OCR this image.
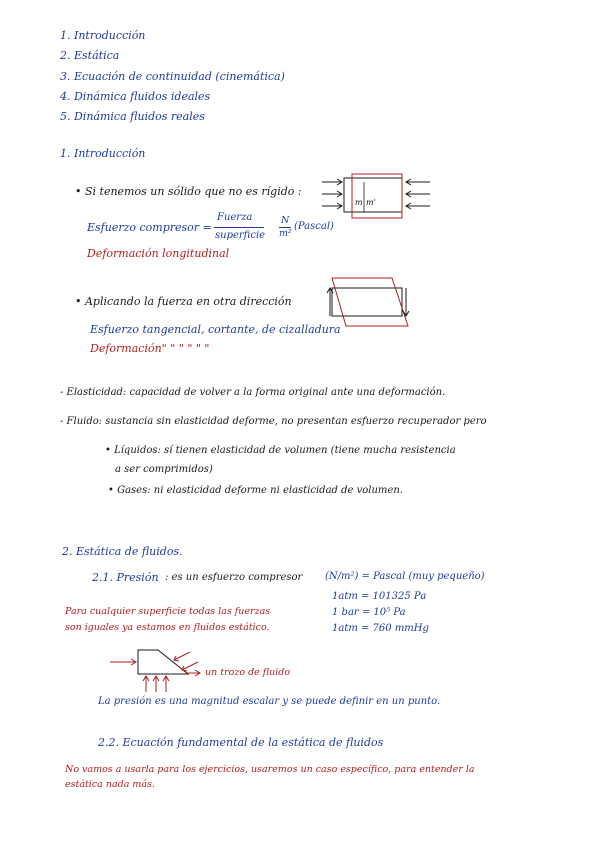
1. Introducción
2. Estática
3. Ecuación de continuidad (cinemática)
4. Dinámica fluidos ideales
5. Dinámica fluidos reales
1. Introducción
• Si tenemos un sólido que no es rígido :
m m'
Esfuerzo compresor =
Fuerza
superficie
N
m²
(Pascal)
Deformación longitudinal
• Aplicando la fuerza en otra dirección
Esfuerzo tangencial, cortante, de cizalladura
Deformación" " " " " "
- Elasticidad: capacidad de volver a la forma original ante una deformación.
- Fluido: sustancia sin elasticidad deforme, no presentan esfuerzo recuperador pero
• Líquidos: sí tienen elasticidad de volumen (tiene mucha resistencia
a ser comprimidos)
• Gases: ni elasticidad deforme ni elasticidad de volumen.
2. Estática de fluidos.
2.1. Presión : es un esfuerzo compresor (N/m²) = Pascal (muy pequeño)
1atm = 101325 Pa
1 bar = 10⁵ Pa
1atm = 760 mmHg
Para cualquier superficie todas las fuerzas
son iguales ya estamos en fluidos estático.
un trozo de fluido
La presión es una magnitud escalar y se puede definir en un punto.
2.2. Ecuación fundamental de la estática de fluidos
No vamos a usarla para los ejercicios, usaremos un caso específico, para entender la
estática nada más.
